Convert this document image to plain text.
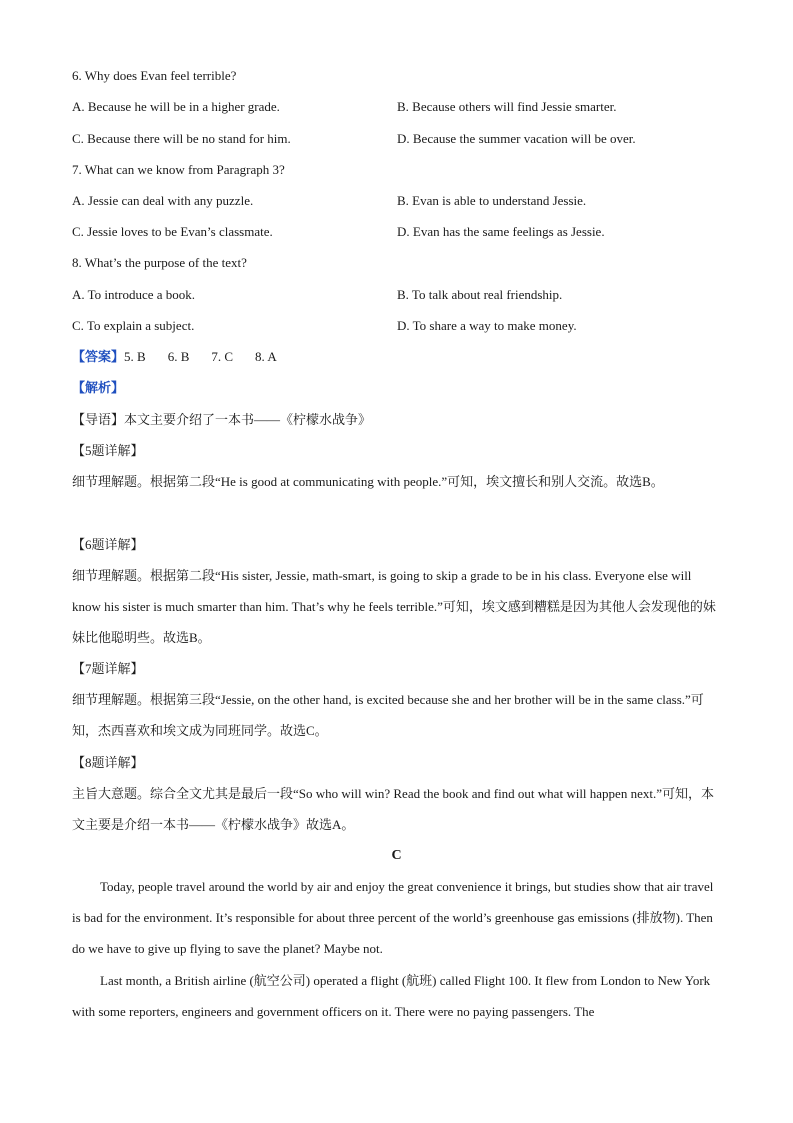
6. Why does Evan feel terrible?
A. Because he will be in a higher grade.	B. Because others will find Jessie smarter.
C. Because there will be no stand for him.	D. Because the summer vacation will be over.
7. What can we know from Paragraph 3?
A. Jessie can deal with any puzzle.	B. Evan is able to understand Jessie.
C. Jessie loves to be Evan’s classmate.	D. Evan has the same feelings as Jessie.
8. What’s the purpose of the text?
A. To introduce a book.	B. To talk about real friendship.
C. To explain a subject.	D. To share a way to make money.
【答案】5. B 6. B 7. C 8. A
【解析】
【导语】本文主要介绍了一本书——《柠檬水战争》
【5题详解】
细节理解题。根据第二段“He is good at communicating with people.”可知，埃文擅长和别人交流。故选B。
【6题详解】
细节理解题。根据第二段“His sister, Jessie, math-smart, is going to skip a grade to be in his class. Everyone else will know his sister is much smarter than him. That’s why he feels terrible.”可知，埃文感到糟糕是因为其他人会发现他的妹妹比他聪明些。故选B。
【7题详解】
细节理解题。根据第三段“Jessie, on the other hand, is excited because she and her brother will be in the same class.”可知，杰西喜欢和埃文成为同班同学。故选C。
【8题详解】
主旨大意题。综合全文尤其是最后一段“So who will win? Read the book and find out what will happen next.”可知，本文主要是介绍一本书——《柠檬水战争》故选A。
C
Today, people travel around the world by air and enjoy the great convenience it brings, but studies show that air travel is bad for the environment. It’s responsible for about three percent of the world’s greenhouse gas emissions (排放物). Then do we have to give up flying to save the planet? Maybe not.
Last month, a British airline (航空公司) operated a flight (航班) called Flight 100. It flew from London to New York with some reporters, engineers and government officers on it. There were no paying passengers. The
